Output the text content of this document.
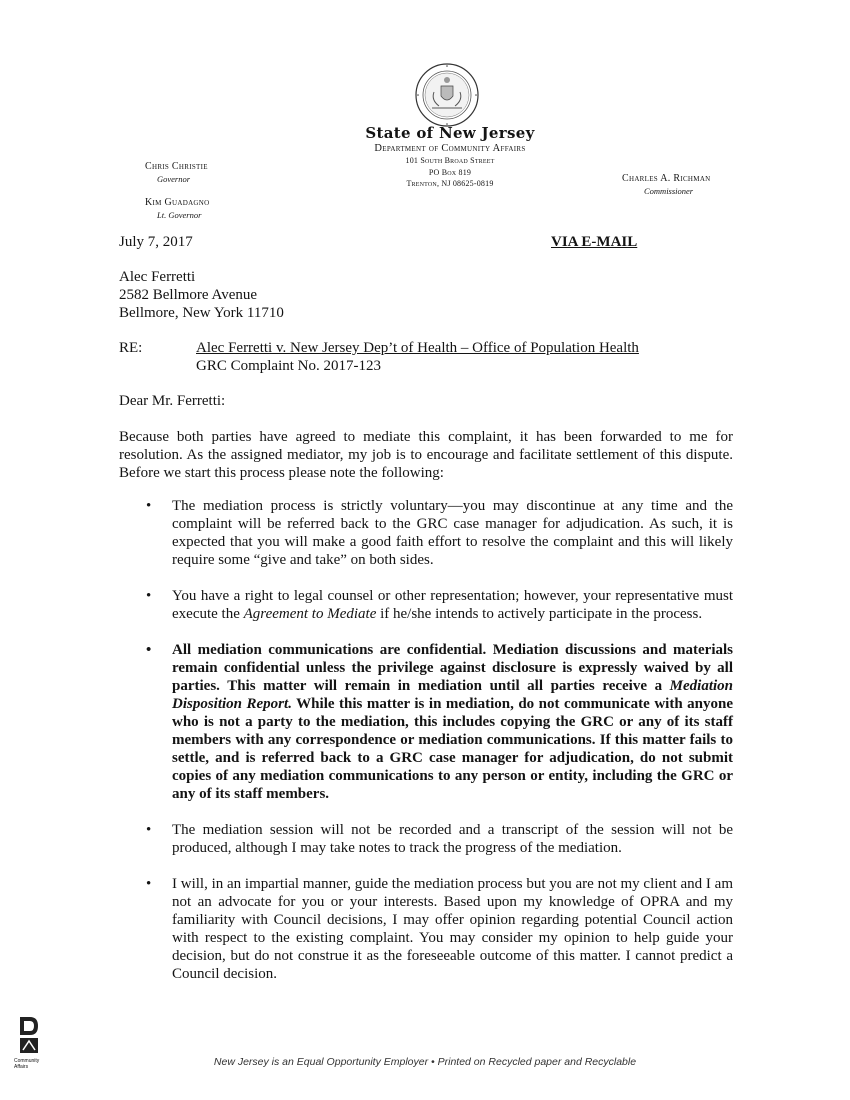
State of New Jersey
Department of Community Affairs
101 South Broad Street
PO Box 819
Trenton, NJ 08625-0819
Chris Christie
Governor
Kim Guadagno
Lt. Governor
Charles A. Richman
Commissioner
July 7, 2017	VIA E-MAIL
Alec Ferretti
2582 Bellmore Avenue
Bellmore, New York 11710
RE:	Alec Ferretti v. New Jersey Dep’t of Health – Office of Population Health
GRC Complaint No. 2017-123
Dear Mr. Ferretti:
Because both parties have agreed to mediate this complaint, it has been forwarded to me for resolution. As the assigned mediator, my job is to encourage and facilitate settlement of this dispute. Before we start this process please note the following:
• The mediation process is strictly voluntary—you may discontinue at any time and the complaint will be referred back to the GRC case manager for adjudication. As such, it is expected that you will make a good faith effort to resolve the complaint and this will likely require some “give and take” on both sides.
• You have a right to legal counsel or other representation; however, your representative must execute the Agreement to Mediate if he/she intends to actively participate in the process.
• All mediation communications are confidential. Mediation discussions and materials remain confidential unless the privilege against disclosure is expressly waived by all parties. This matter will remain in mediation until all parties receive a Mediation Disposition Report. While this matter is in mediation, do not communicate with anyone who is not a party to the mediation, this includes copying the GRC or any of its staff members with any correspondence or mediation communications. If this matter fails to settle, and is referred back to a GRC case manager for adjudication, do not submit copies of any mediation communications to any person or entity, including the GRC or any of its staff members.
• The mediation session will not be recorded and a transcript of the session will not be produced, although I may take notes to track the progress of the mediation.
• I will, in an impartial manner, guide the mediation process but you are not my client and I am not an advocate for you or your interests. Based upon my knowledge of OPRA and my familiarity with Council decisions, I may offer opinion regarding potential Council action with respect to the existing complaint. You may consider my opinion to help guide your decision, but do not construe it as the foreseeable outcome of this matter. I cannot predict a Council decision.
Community
Affairs	New Jersey is an Equal Opportunity Employer • Printed on Recycled paper and Recyclable
